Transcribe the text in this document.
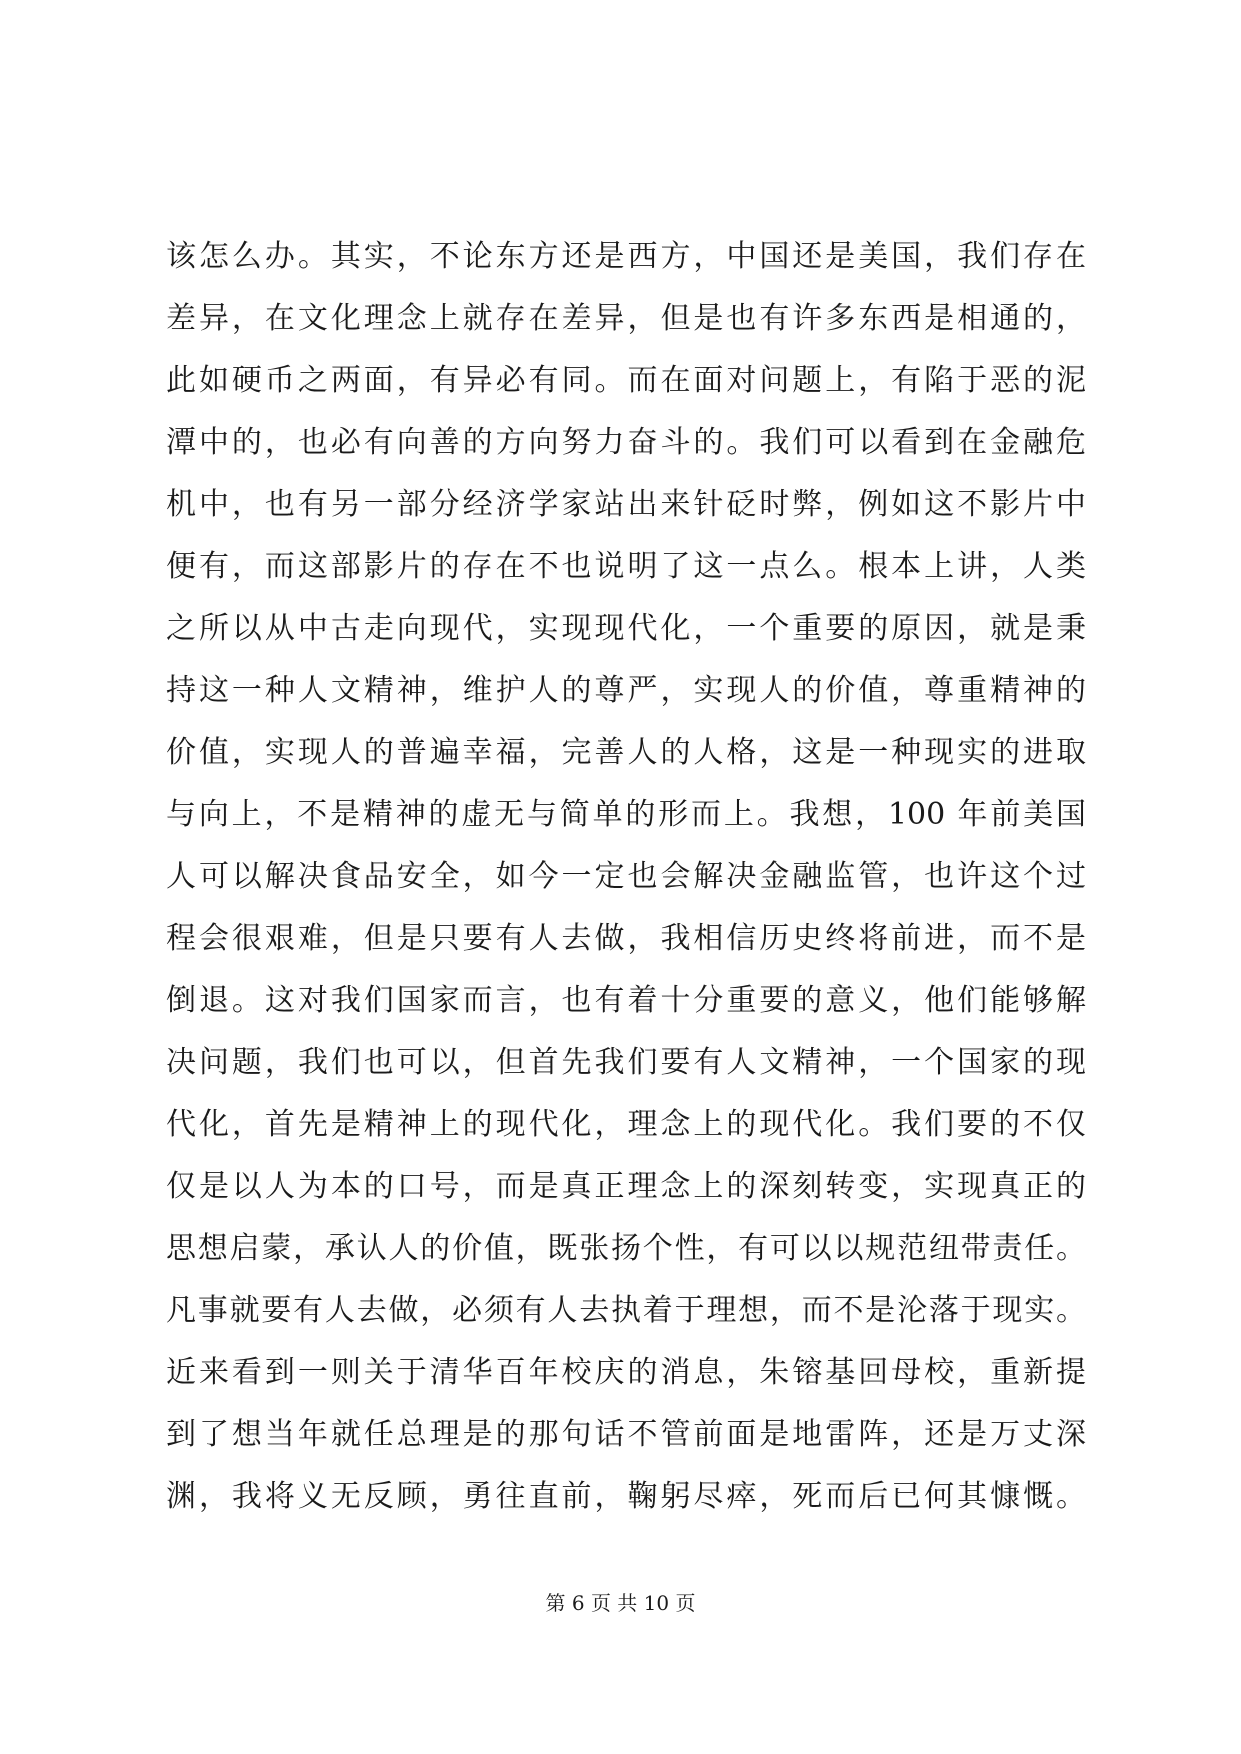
该怎么办。其实，不论东方还是西方，中国还是美国，我们存在
差异，在文化理念上就存在差异，但是也有许多东西是相通的，
此如硬币之两面，有异必有同。而在面对问题上，有陷于恶的泥
潭中的，也必有向善的方向努力奋斗的。我们可以看到在金融危
机中，也有另一部分经济学家站出来针砭时弊，例如这不影片中
便有，而这部影片的存在不也说明了这一点么。根本上讲，人类
之所以从中古走向现代，实现现代化，一个重要的原因，就是秉
持这一种人文精神，维护人的尊严，实现人的价值，尊重精神的
价值，实现人的普遍幸福，完善人的人格，这是一种现实的进取
与向上，不是精神的虚无与简单的形而上。我想，100 年前美国
人可以解决食品安全，如今一定也会解决金融监管，也许这个过
程会很艰难，但是只要有人去做，我相信历史终将前进，而不是
倒退。这对我们国家而言，也有着十分重要的意义，他们能够解
决问题，我们也可以，但首先我们要有人文精神，一个国家的现
代化，首先是精神上的现代化，理念上的现代化。我们要的不仅
仅是以人为本的口号，而是真正理念上的深刻转变，实现真正的
思想启蒙，承认人的价值，既张扬个性，有可以以规范纽带责任。
凡事就要有人去做，必须有人去执着于理想，而不是沦落于现实。
近来看到一则关于清华百年校庆的消息，朱镕基回母校，重新提
到了想当年就任总理是的那句话不管前面是地雷阵，还是万丈深
渊，我将义无反顾，勇往直前，鞠躬尽瘁，死而后已何其慷慨。
第 6 页 共 10 页
